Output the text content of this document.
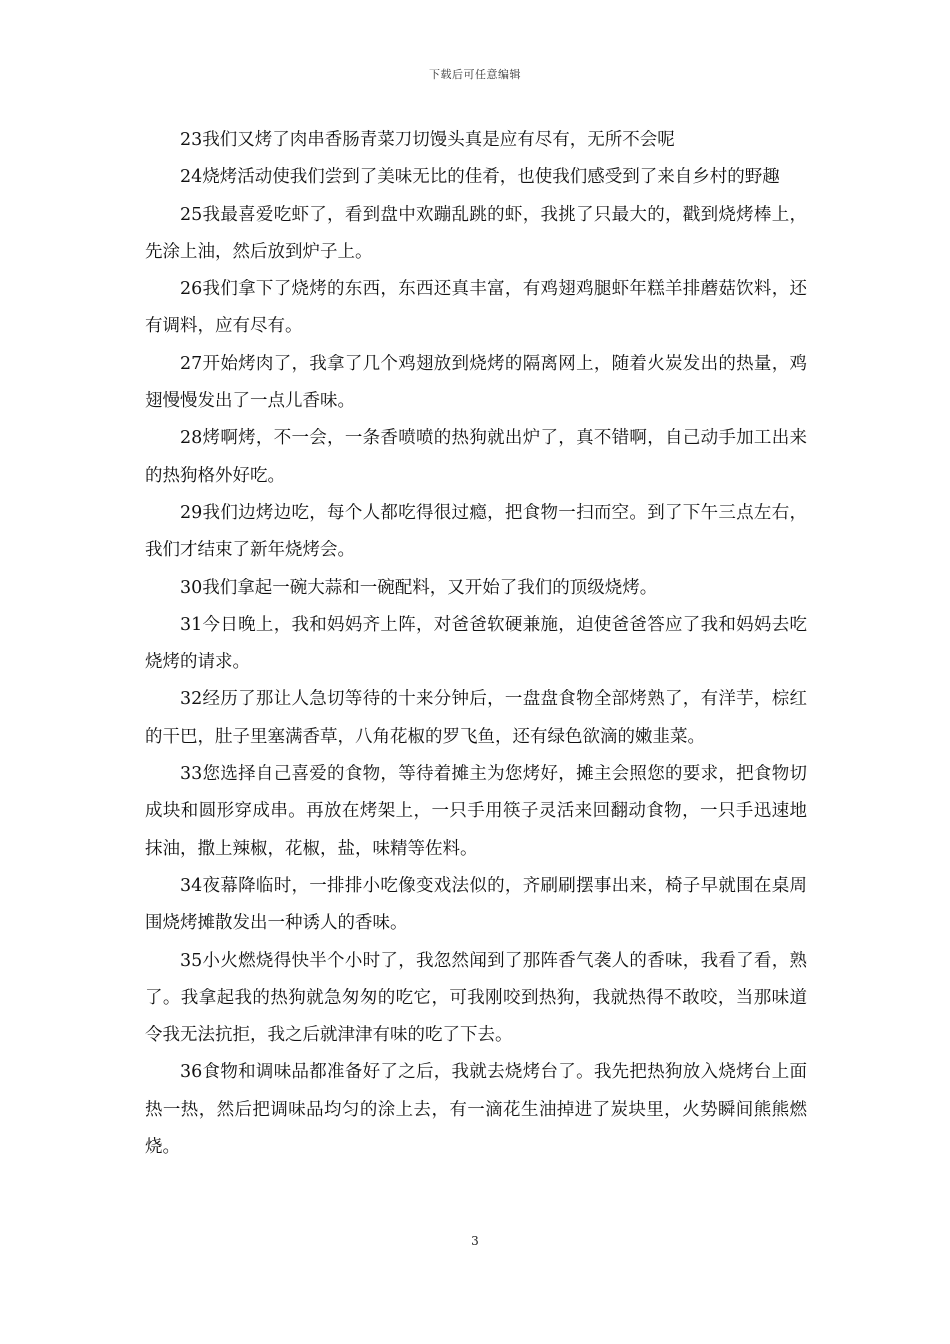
下载后可任意编辑

23我们又烤了肉串香肠青菜刀切馒头真是应有尽有，无所不会呢

24烧烤活动使我们尝到了美味无比的佳肴，也使我们感受到了来自乡村的野趣

25我最喜爱吃虾了，看到盘中欢蹦乱跳的虾，我挑了只最大的，戳到烧烤棒上，先涂上油，然后放到炉子上。

26我们拿下了烧烤的东西，东西还真丰富，有鸡翅鸡腿虾年糕羊排蘑菇饮料，还有调料，应有尽有。

27开始烤肉了，我拿了几个鸡翅放到烧烤的隔离网上，随着火炭发出的热量，鸡翅慢慢发出了一点儿香味。

28烤啊烤，不一会，一条香喷喷的热狗就出炉了，真不错啊，自己动手加工出来的热狗格外好吃。

29我们边烤边吃，每个人都吃得很过瘾，把食物一扫而空。到了下午三点左右，我们才结束了新年烧烤会。

30我们拿起一碗大蒜和一碗配料，又开始了我们的顶级烧烤。

31今日晚上，我和妈妈齐上阵，对爸爸软硬兼施，迫使爸爸答应了我和妈妈去吃烧烤的请求。

32经历了那让人急切等待的十来分钟后，一盘盘食物全部烤熟了，有洋芋，棕红的干巴，肚子里塞满香草，八角花椒的罗飞鱼，还有绿色欲滴的嫩韭菜。

33您选择自己喜爱的食物，等待着摊主为您烤好，摊主会照您的要求，把食物切成块和圆形穿成串。再放在烤架上，一只手用筷子灵活来回翻动食物，一只手迅速地抹油，撒上辣椒，花椒，盐，味精等佐料。

34夜幕降临时，一排排小吃像变戏法似的，齐刷刷摆事出来，椅子早就围在桌周围烧烤摊散发出一种诱人的香味。

35小火燃烧得快半个小时了，我忽然闻到了那阵香气袭人的香味，我看了看，熟了。我拿起我的热狗就急匆匆的吃它，可我刚咬到热狗，我就热得不敢咬，当那味道令我无法抗拒，我之后就津津有味的吃了下去。

36食物和调味品都准备好了之后，我就去烧烤台了。我先把热狗放入烧烤台上面热一热，然后把调味品均匀的涂上去，有一滴花生油掉进了炭块里，火势瞬间熊熊燃烧。

3
